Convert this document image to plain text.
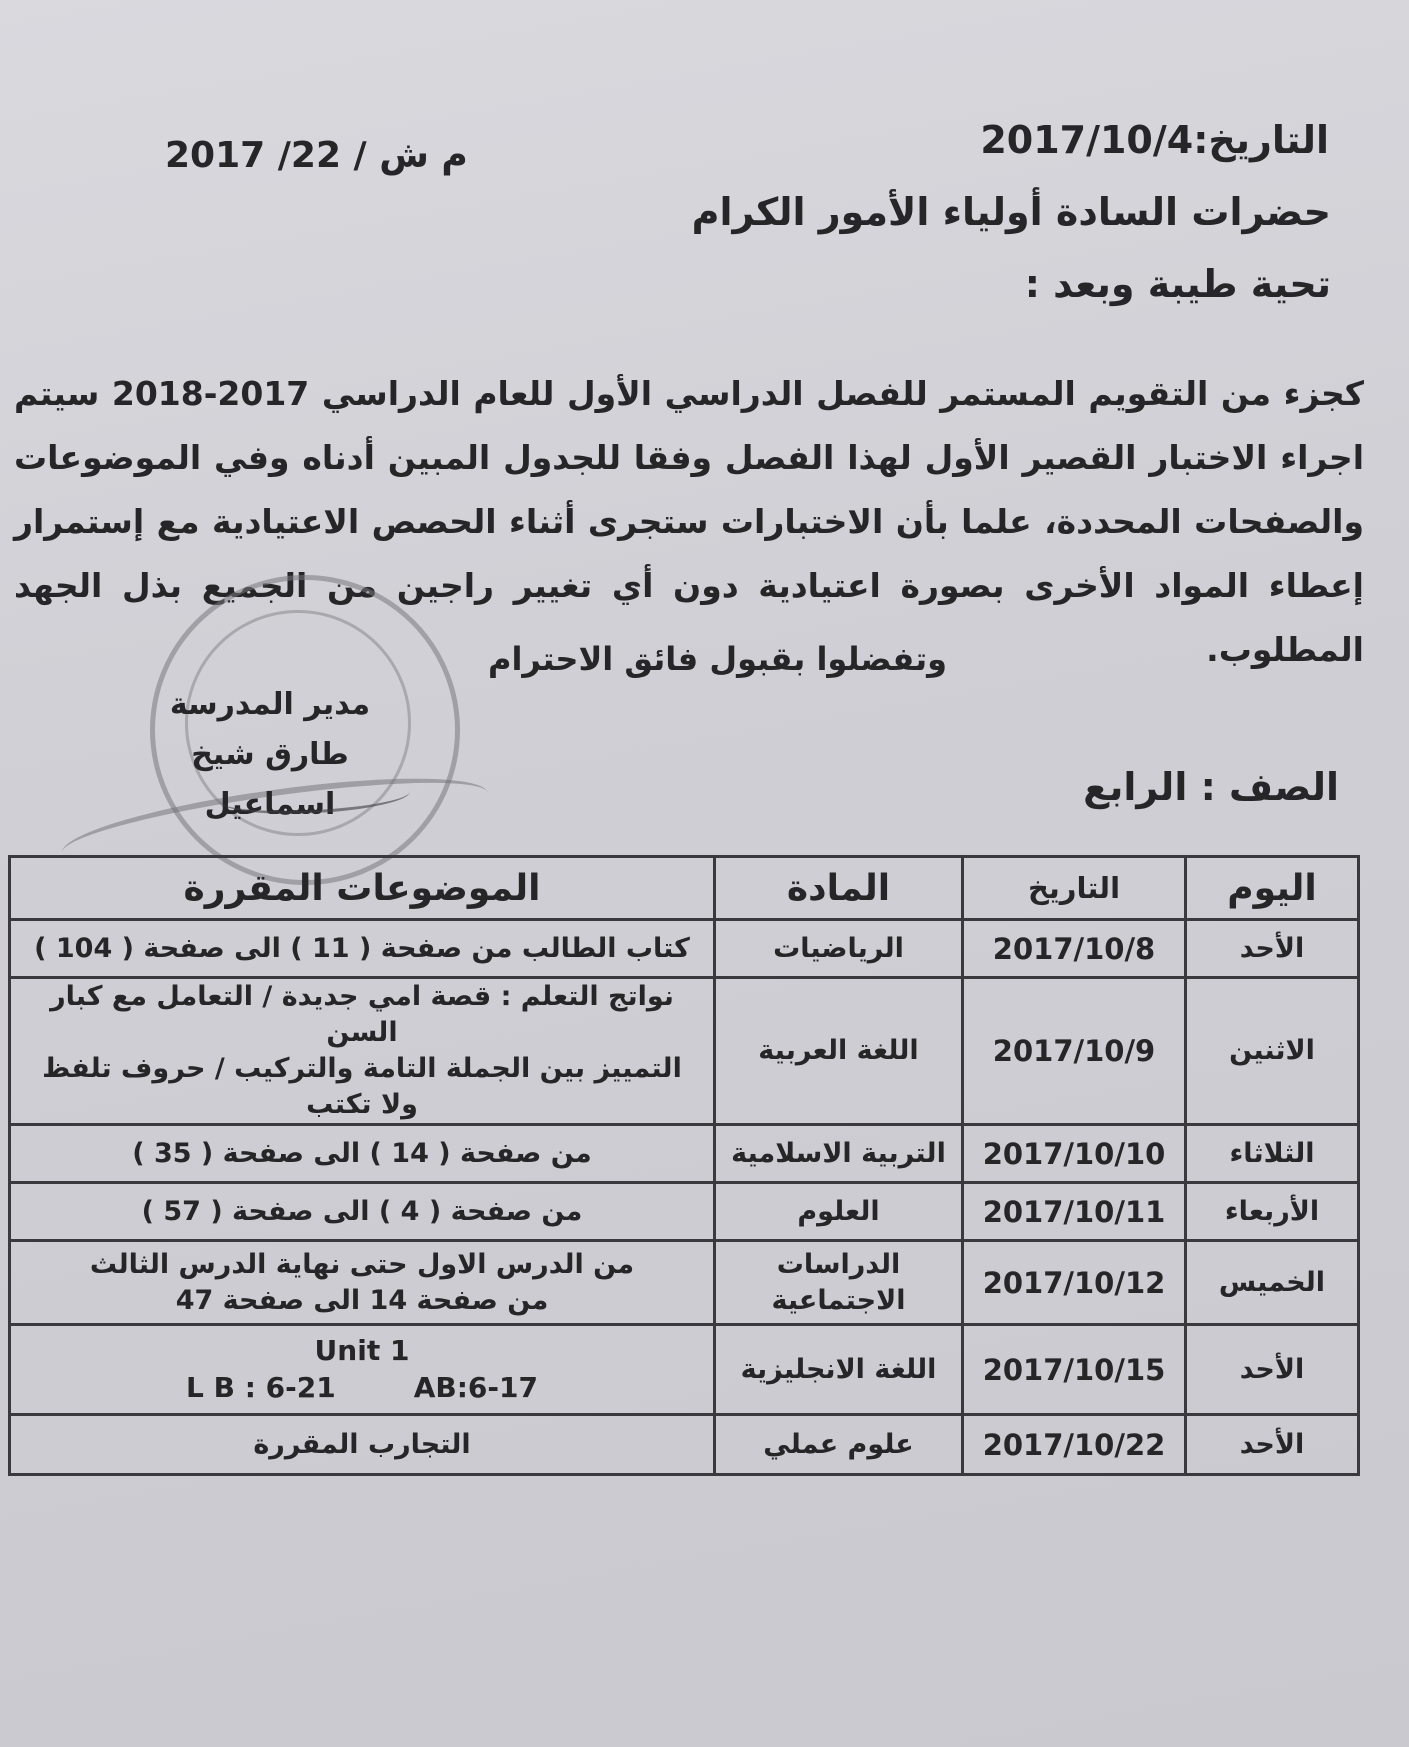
التاريخ:2017/10/4
م ش / 22/ 2017
حضرات السادة أولياء الأمور الكرام
تحية طيبة وبعد :
كجزء من التقويم المستمر للفصل الدراسي الأول للعام الدراسي 2017-2018 سيتم اجراء الاختبار القصير الأول لهذا الفصل وفقا للجدول المبين أدناه وفي الموضوعات والصفحات المحددة، علما بأن الاختبارات ستجرى أثناء الحصص الاعتيادية مع إستمرار إعطاء المواد الأخرى بصورة اعتيادية دون أي تغيير راجين من الجميع بذل الجهد المطلوب.
وتفضلوا بقبول فائق الاحترام
مدير المدرسة
طارق شيخ اسماعيل	الصف : الرابع
اليوم	التاريخ	المادة	الموضوعات المقررة
الأحد	2017/10/8	الرياضيات	كتاب الطالب من صفحة ( 11 ) الى صفحة ( 104 )

الاثنين	2017/10/9	اللغة العربية	نواتج التعلم : قصة امي جديدة / التعامل مع كبار السن
التمييز بين الجملة التامة والتركيب / حروف تلفظ ولا تكتب

الثلاثاء	2017/10/10	التربية الاسلامية	من صفحة ( 14 ) الى صفحة ( 35 )

الأربعاء	2017/10/11	العلوم	من صفحة ( 4 ) الى صفحة ( 57 )

الخميس	2017/10/12	الدراسات الاجتماعية	من الدرس الاول حتى نهاية الدرس الثالث
من صفحة 14 الى صفحة 47

الأحد	2017/10/15	اللغة الانجليزية	Unit 1
L B : 6-21        AB:6-17
الأحد	2017/10/22	علوم عملي	التجارب المقررة
